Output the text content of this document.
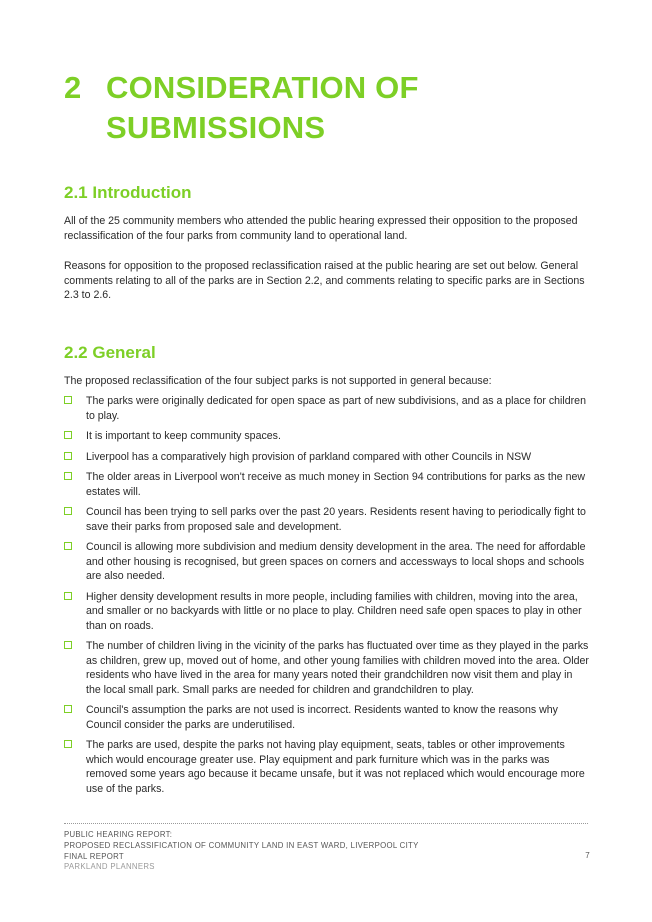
2 CONSIDERATION OF SUBMISSIONS
2.1 Introduction

All of the 25 community members who attended the public hearing expressed their opposition to the proposed reclassification of the four parks from community land to operational land.

Reasons for opposition to the proposed reclassification raised at the public hearing are set out below. General comments relating to all of the parks are in Section 2.2, and comments relating to specific parks are in Sections 2.3 to 2.6.

2.2 General

The proposed reclassification of the four subject parks is not supported in general because:

The parks were originally dedicated for open space as part of new subdivisions, and as a place for children to play.
It is important to keep community spaces.
Liverpool has a comparatively high provision of parkland compared with other Councils in NSW
The older areas in Liverpool won't receive as much money in Section 94 contributions for parks as the new estates will.
Council has been trying to sell parks over the past 20 years. Residents resent having to periodically fight to save their parks from proposed sale and development.
Council is allowing more subdivision and medium density development in the area. The need for affordable and other housing is recognised, but green spaces on corners and accessways to local shops and schools are also needed.
Higher density development results in more people, including families with children, moving into the area, and smaller or no backyards with little or no place to play. Children need safe open spaces to play in other than on roads.
The number of children living in the vicinity of the parks has fluctuated over time as they played in the parks as children, grew up, moved out of home, and other young families with children moved into the area. Older residents who have lived in the area for many years noted their grandchildren now visit them and play in the local small park. Small parks are needed for children and grandchildren to play.
Council's assumption the parks are not used is incorrect. Residents wanted to know the reasons why Council consider the parks are underutilised.
The parks are used, despite the parks not having play equipment, seats, tables or other improvements which would encourage greater use. Play equipment and park furniture which was in the parks was removed some years ago because it became unsafe, but it was not replaced which would encourage more use of the parks.
PUBLIC HEARING REPORT:
PROPOSED RECLASSIFICATION OF COMMUNITY LAND IN EAST WARD, LIVERPOOL CITY
FINAL REPORT
PARKLAND PLANNERS
7
